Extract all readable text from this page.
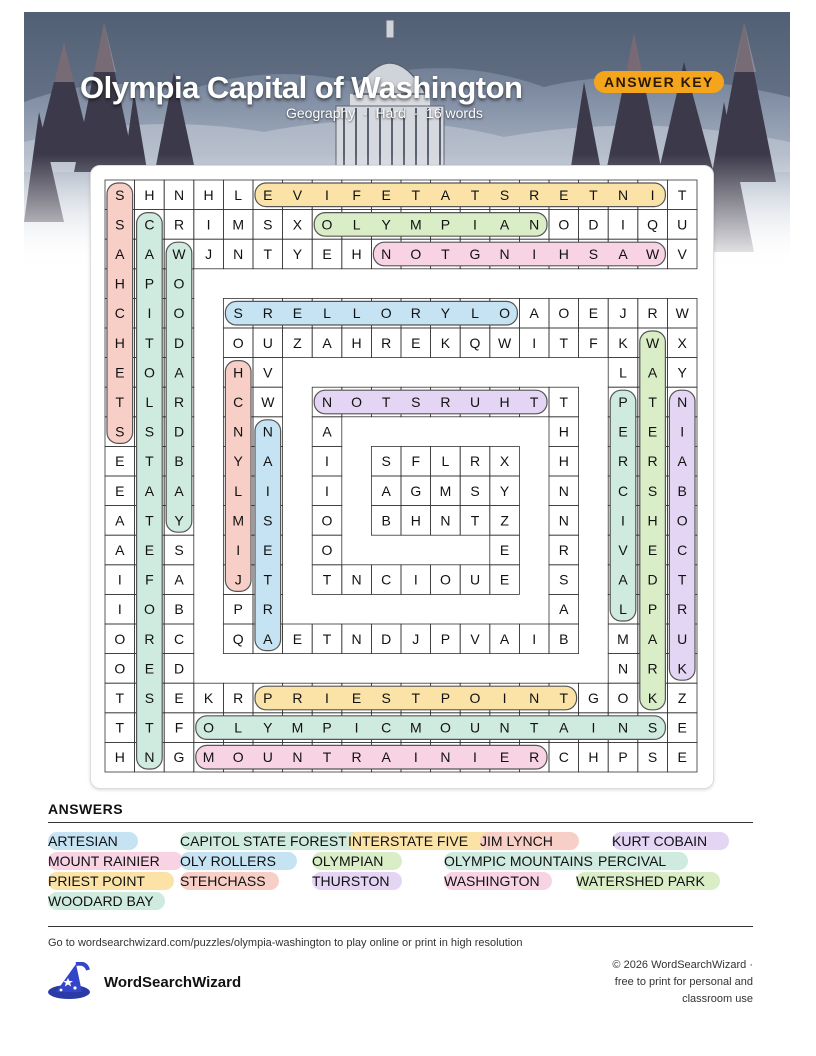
Olympia Capital of Washington	ANSWER KEY
Geography  ·  Hard  ·  16 words
S H N H L E V I F E T A T S R E T N I T
S C R I M S X O L Y M P I A N O D I Q U
A A W J N T Y E H N O T G N I H S A W V
H P O
C I O	S R E L L O R Y L O A O E J R W
H T D	O U Z A H R E K Q W I T F K W X
E O A	H V	L A Y
T L R	C W	N O T S R U H T T	P T N
S S D	N N	A	H	E E I
E T B	Y A	I	S F L R X	H	R R A
E A A	L I	I	A G M S Y	N	C S B
A T Y	M S	O	B H N T Z	N	I H O
A E S	I E	O	E	R	V E C
I F A	J T	T N C I O U E	S	A D T
I O B	P R	A	L P R
O R C	Q A E T N D J P V A I B	M A U
O E D	N R K
T S E K R P R I E S T P O I N T G O K Z
T T F O L Y M P I C M O U N T A I N S E
H N G M O U N T R A I N I E R C H P S E
ANSWERS
ARTESIAN	CAPITOL STATE FOREST INTERSTATE FIVE JIM LYNCH	KURT COBAIN
MOUNT RAINIER OLY ROLLERS	OLYMPIAN	OLYMPIC MOUNTAINS PERCIVAL
PRIEST POINT	STEHCHASS	THURSTON	WASHINGTON	WATERSHED PARK
WOODARD BAY
Go to wordsearchwizard.com/puzzles/olympia-washington to play online or print in high resolution
WordSearchWizard
© 2026 WordSearchWizard ·
free to print for personal and
classroom use
